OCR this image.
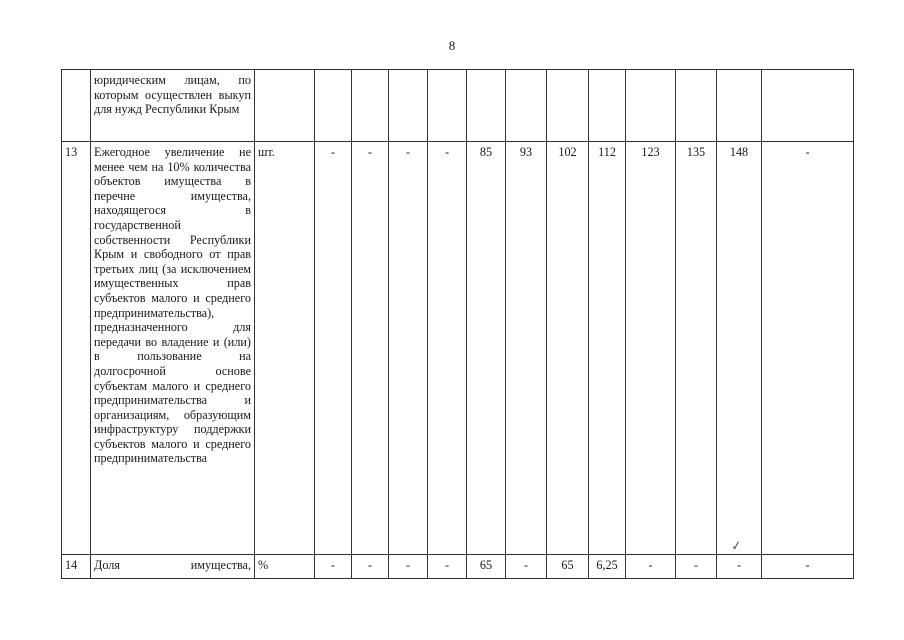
8
	юридическим лицам, по которым осуществлен выкуп для нужд Республики Крым													
13	Ежегодное увеличение не менее чем на 10% количества объектов имущества в перечне имущества, находящегося в государственной собственности Республики Крым и свободного от прав третьих лиц (за исключением имущественных прав субъектов малого и среднего предпринимательства), предназначенного для передачи во владение и (или) в пользование на долгосрочной основе субъектам малого и среднего предпринимательства и организациям, образующим инфраструктуру поддержки субъектов малого и среднего предпринимательства	шт.	-	-	-	-	85	93	102	112	123	135	148	-
14	Доля имущества,	%	-	-	-	-	65	-	65	6,25	-	-	-	-
✓
